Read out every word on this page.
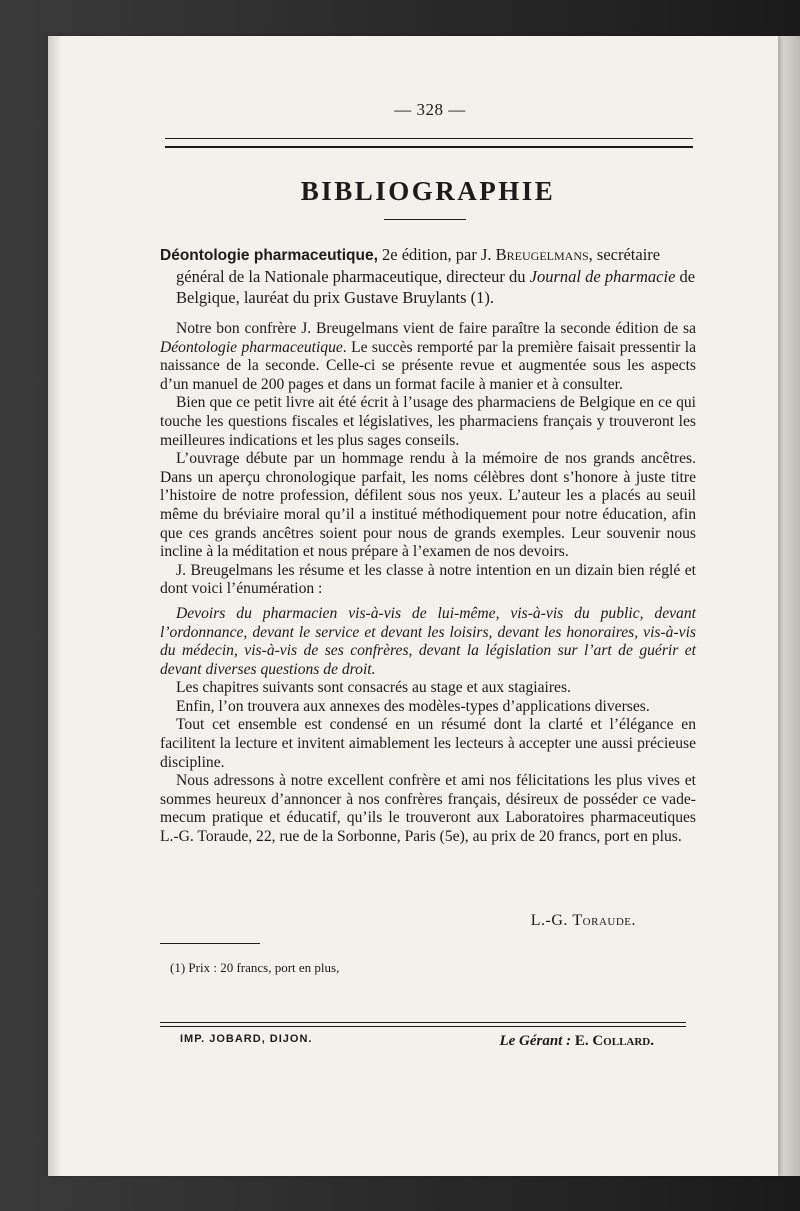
— 328 —
BIBLIOGRAPHIE
Déontologie pharmaceutique, 2e édition, par J. Breugelmans, secrétaire
général de la Nationale pharmaceutique, directeur du Journal de pharmacie de Belgique, lauréat du prix Gustave Bruylants (1).

Notre bon confrère J. Breugelmans vient de faire paraître la seconde édition de sa Déontologie pharmaceutique. Le succès remporté par la première faisait pressentir la naissance de la seconde. Celle-ci se présente revue et augmentée sous les aspects d’un manuel de 200 pages et dans un format facile à manier et à consulter.

Bien que ce petit livre ait été écrit à l’usage des pharmaciens de Belgique en ce qui touche les questions fiscales et législatives, les pharmaciens français y trouveront les meilleures indications et les plus sages conseils.

L’ouvrage débute par un hommage rendu à la mémoire de nos grands ancêtres. Dans un aperçu chronologique parfait, les noms célèbres dont s’honore à juste titre l’histoire de notre profession, défilent sous nos yeux. L’auteur les a placés au seuil même du bréviaire moral qu’il a institué méthodiquement pour notre éducation, afin que ces grands ancêtres soient pour nous de grands exemples. Leur souvenir nous incline à la méditation et nous prépare à l’examen de nos devoirs.

J. Breugelmans les résume et les classe à notre intention en un dizain bien réglé et dont voici l’énumération :

Devoirs du pharmacien vis-à-vis de lui-même, vis-à-vis du public, devant l’ordonnance, devant le service et devant les loisirs, devant les honoraires, vis-à-vis du médecin, vis-à-vis de ses confrères, devant la législation sur l’art de guérir et devant diverses questions de droit.

Les chapitres suivants sont consacrés au stage et aux stagiaires.

Enfin, l’on trouvera aux annexes des modèles-types d’applications diverses.

Tout cet ensemble est condensé en un résumé dont la clarté et l’élégance en facilitent la lecture et invitent aimablement les lecteurs à accepter une aussi précieuse discipline.

Nous adressons à notre excellent confrère et ami nos félicitations les plus vives et sommes heureux d’annoncer à nos confrères français, désireux de posséder ce vade-mecum pratique et éducatif, qu’ils le trouveront aux Laboratoires pharmaceutiques L.-G. Toraude, 22, rue de la Sorbonne, Paris (5e), au prix de 20 francs, port en plus.

L.-G. Toraude.
(1) Prix : 20 francs, port en plus,
IMP. JOBARD, DIJON.	Le Gérant : E. Collard.
